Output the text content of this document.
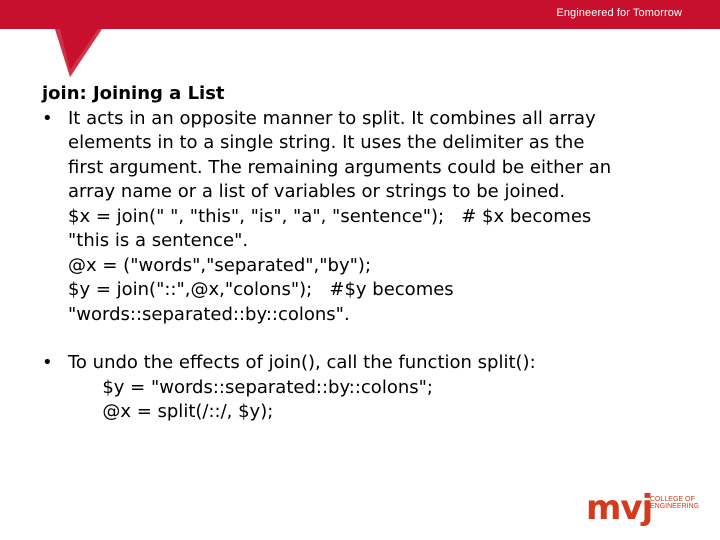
Engineered for Tomorrow

join: Joining a List

• It acts in an opposite manner to split. It combines all array

elements in to a single string. It uses the delimiter as the

first argument. The remaining arguments could be either an

array name or a list of variables or strings to be joined.

$x = join(" ", "this", "is", "a", "sentence");   # $x becomes

"this is a sentence".

@x = ("words","separated","by");

$y = join("::",@x,"colons");   #$y becomes

"words::separated::by::colons".

• To undo the effects of join(), call the function split():

$y = "words::separated::by::colons";

@x = split(/::/, $y);

mvj
COLLEGE OF
ENGINEERING
